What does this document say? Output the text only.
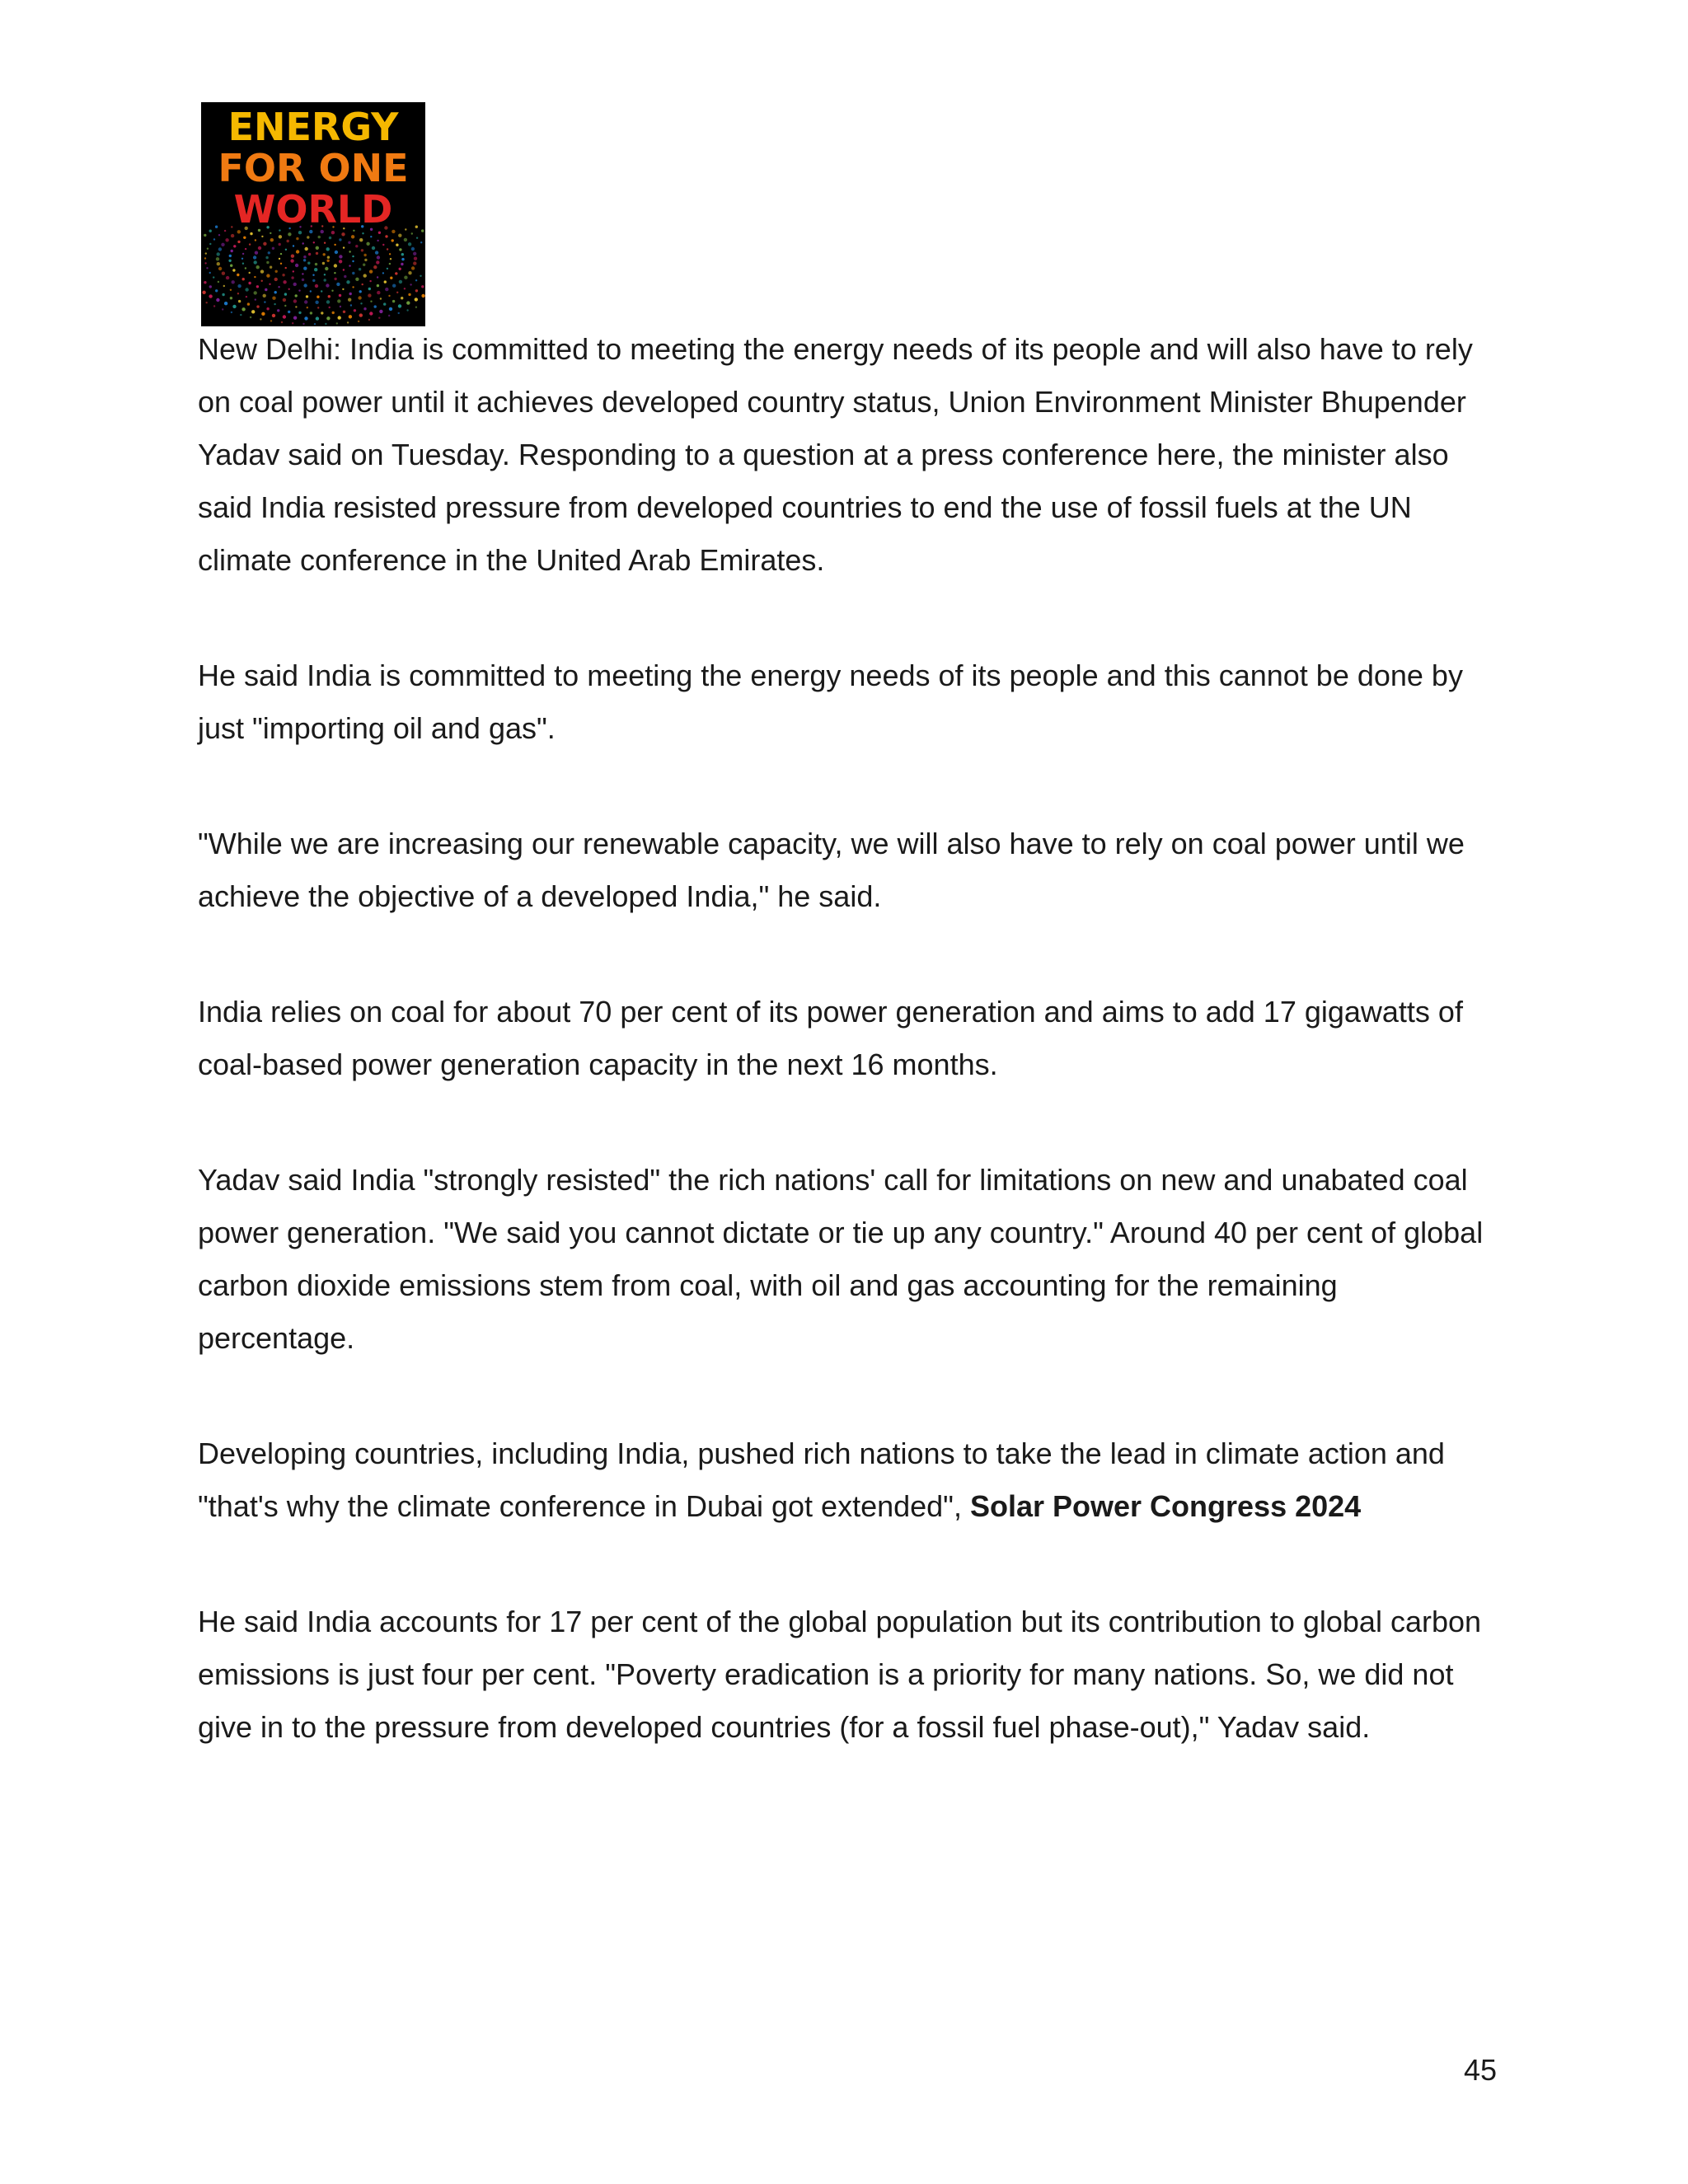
ENERGY
FOR ONE
WORLD

New Delhi: India is committed to meeting the energy needs of its people and will also have to rely on coal power until it achieves developed country status, Union Environment Minister Bhupender Yadav said on Tuesday. Responding to a question at a press conference here, the minister also said India resisted pressure from developed countries to end the use of fossil fuels at the UN climate conference in the United Arab Emirates.

He said India is committed to meeting the energy needs of its people and this cannot be done by just "importing oil and gas".

"While we are increasing our renewable capacity, we will also have to rely on coal power until we achieve the objective of a developed India," he said.

India relies on coal for about 70 per cent of its power generation and aims to add 17 gigawatts of coal-based power generation capacity in the next 16 months.

Yadav said India "strongly resisted" the rich nations' call for limitations on new and unabated coal power generation. "We said you cannot dictate or tie up any country." Around 40 per cent of global carbon dioxide emissions stem from coal, with oil and gas accounting for the remaining percentage.

Developing countries, including India, pushed rich nations to take the lead in climate action and "that's why the climate conference in Dubai got extended", Solar Power Congress 2024

He said India accounts for 17 per cent of the global population but its contribution to global carbon emissions is just four per cent. "Poverty eradication is a priority for many nations. So, we did not give in to the pressure from developed countries (for a fossil fuel phase-out)," Yadav said.

45
